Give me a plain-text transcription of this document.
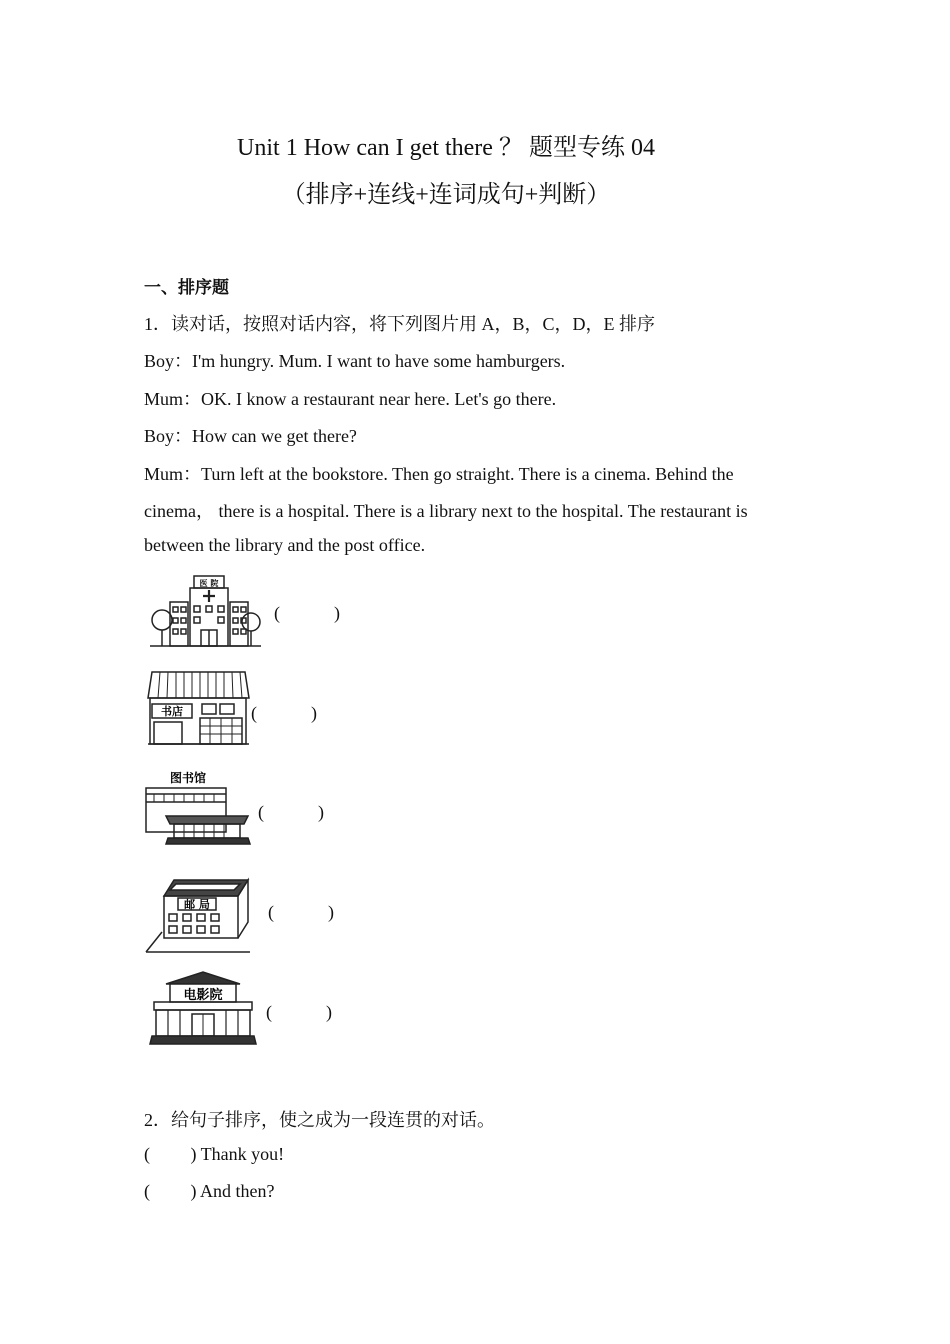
Unit 1 How can I get there ？ 题型专练 04
（排序+连线+连词成句+判断）
一、排序题
1．读对话，按照对话内容，将下列图片用 A，B，C，D，E 排序
Boy：I'm hungry. Mum. I want to have some hamburgers.
Mum：OK. I know a restaurant near here. Let's go there.
Boy：How can we get there?
Mum：Turn left at the bookstore. Then go straight. There is a cinema. Behind the
cinema， there is a hospital. There is a library next to the hospital. The restaurant is
between the library and the post office.
医 院
(            )
书店	(            )
图书馆
(            )
邮 局	(            )
电影院
(            )
2．给句子排序，使之成为一段连贯的对话。
(         ) Thank you!
(         ) And then?
